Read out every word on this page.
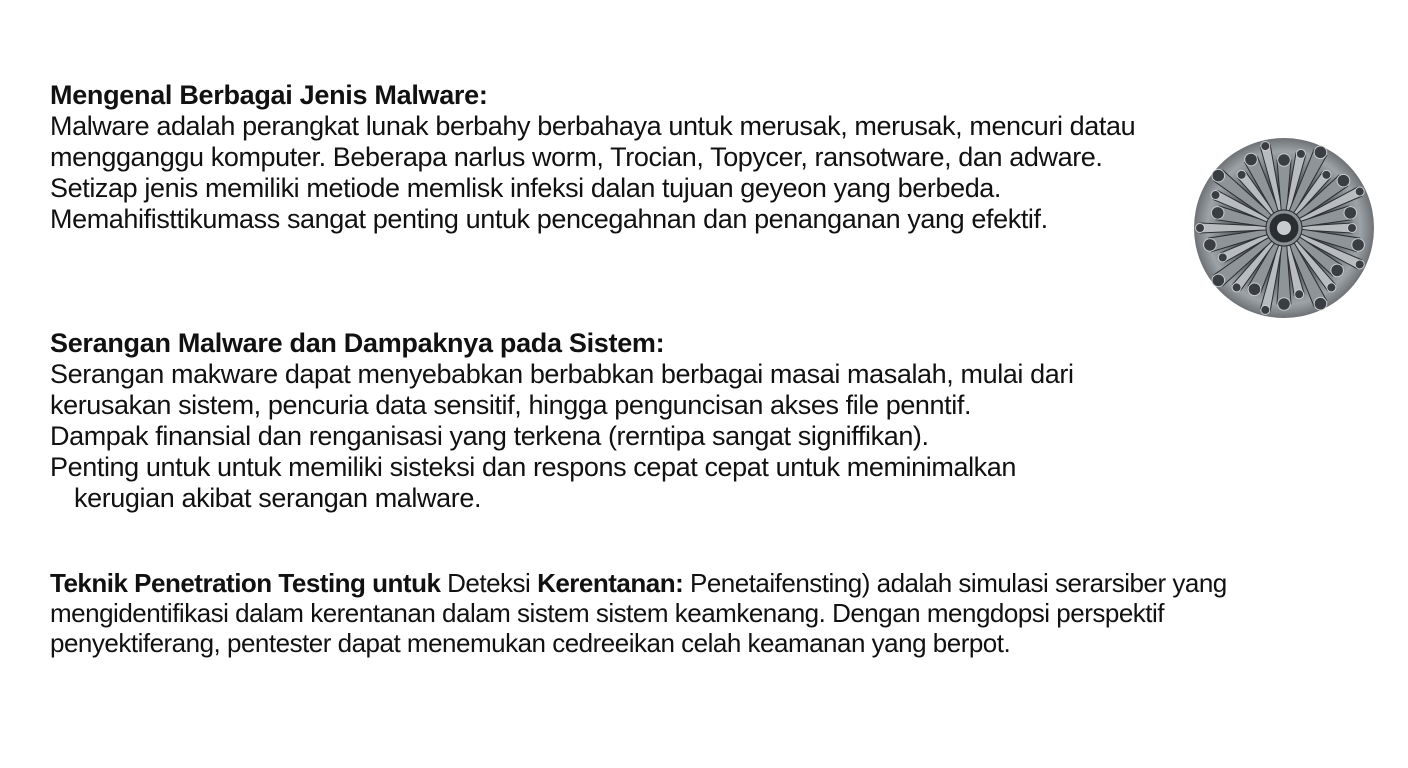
Mengenal Berbagai Jenis Malware:
Malware adalah perangkat lunak berbahy berbahaya untuk merusak, merusak, mencuri datau
mengganggu komputer. Beberapa narlus worm, Trocian, Topycer, ransotware, dan adware.
Setizap jenis memiliki metiode memlisk infeksi dalan tujuan geyeon yang berbeda.
Memahifisttikumass sangat penting untuk pencegahnan dan penanganan yang efektif.
Serangan Malware dan Dampaknya pada Sistem:
Serangan makware dapat menyebabkan berbabkan berbagai masai masalah, mulai dari
kerusakan sistem, pencuria data sensitif, hingga penguncisan akses file penntif.
Dampak finansial dan renganisasi yang terkena (rerntipa sangat signiffikan).
Penting untuk untuk memiliki sisteksi dan respons cepat cepat untuk meminimalkan
kerugian akibat serangan malware.
Teknik Penetration Testing untuk Deteksi Kerentanan: Penetaifensting) adalah simulasi serarsiber yang
mengidentifikasi dalam kerentanan dalam sistem sistem keamkenang. Dengan mengdopsi perspektif
penyektiferang, pentester dapat menemukan cedreeikan celah keamanan yang berpot.
